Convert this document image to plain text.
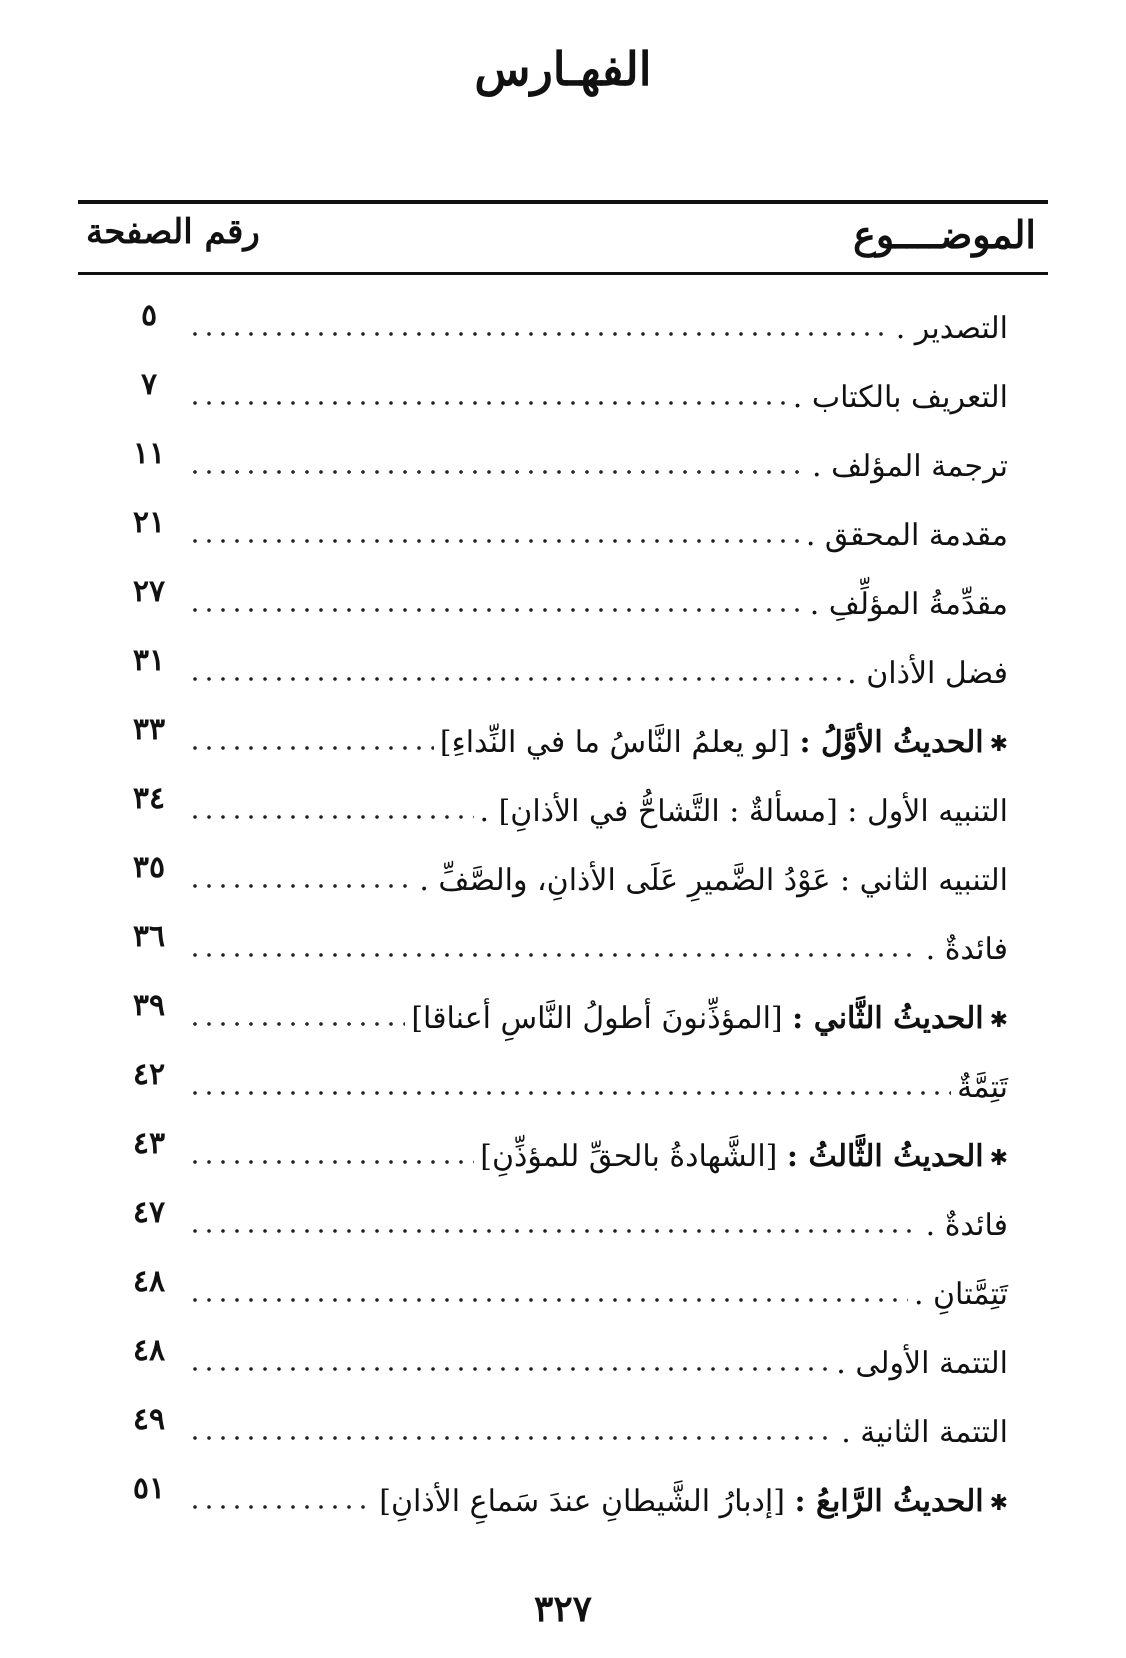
الفهـارس
الموضــــوع
رقم الصفحة
التصدير .
٥
التعريف بالكتاب .
٧
ترجمة المؤلف .
١١
مقدمة المحقق .
٢١
مقدِّمةُ المؤلِّفِ .
٢٧
فضل الأذان .
٣١
✱الحديثُ الأوَّلُ : [لو يعلمُ النَّاسُ ما في النِّداءِ]
٣٣
التنبيه الأول : [مسألةٌ : التَّشاحُّ في الأذانِ] .
٣٤
التنبيه الثاني : عَوْدُ الضَّميرِ عَلَى الأذانِ، والصَّفِّ .
٣٥
فائدةٌ .
٣٦
✱الحديثُ الثَّاني : [المؤذِّنونَ أطولُ النَّاسِ أعناقا]
٣٩
تَتِمَّةٌ
٤٢
✱الحديثُ الثَّالثُ : [الشَّهادةُ بالحقِّ للمؤذِّنِ]
٤٣
فائدةٌ .
٤٧
تَتِمَّتانِ .
٤٨
التتمة الأولى .
٤٨
التتمة الثانية .
٤٩
✱الحديثُ الرَّابعُ : [إدبارُ الشَّيطانِ عندَ سَماعِ الأذانِ]
٥١
٣٢٧
